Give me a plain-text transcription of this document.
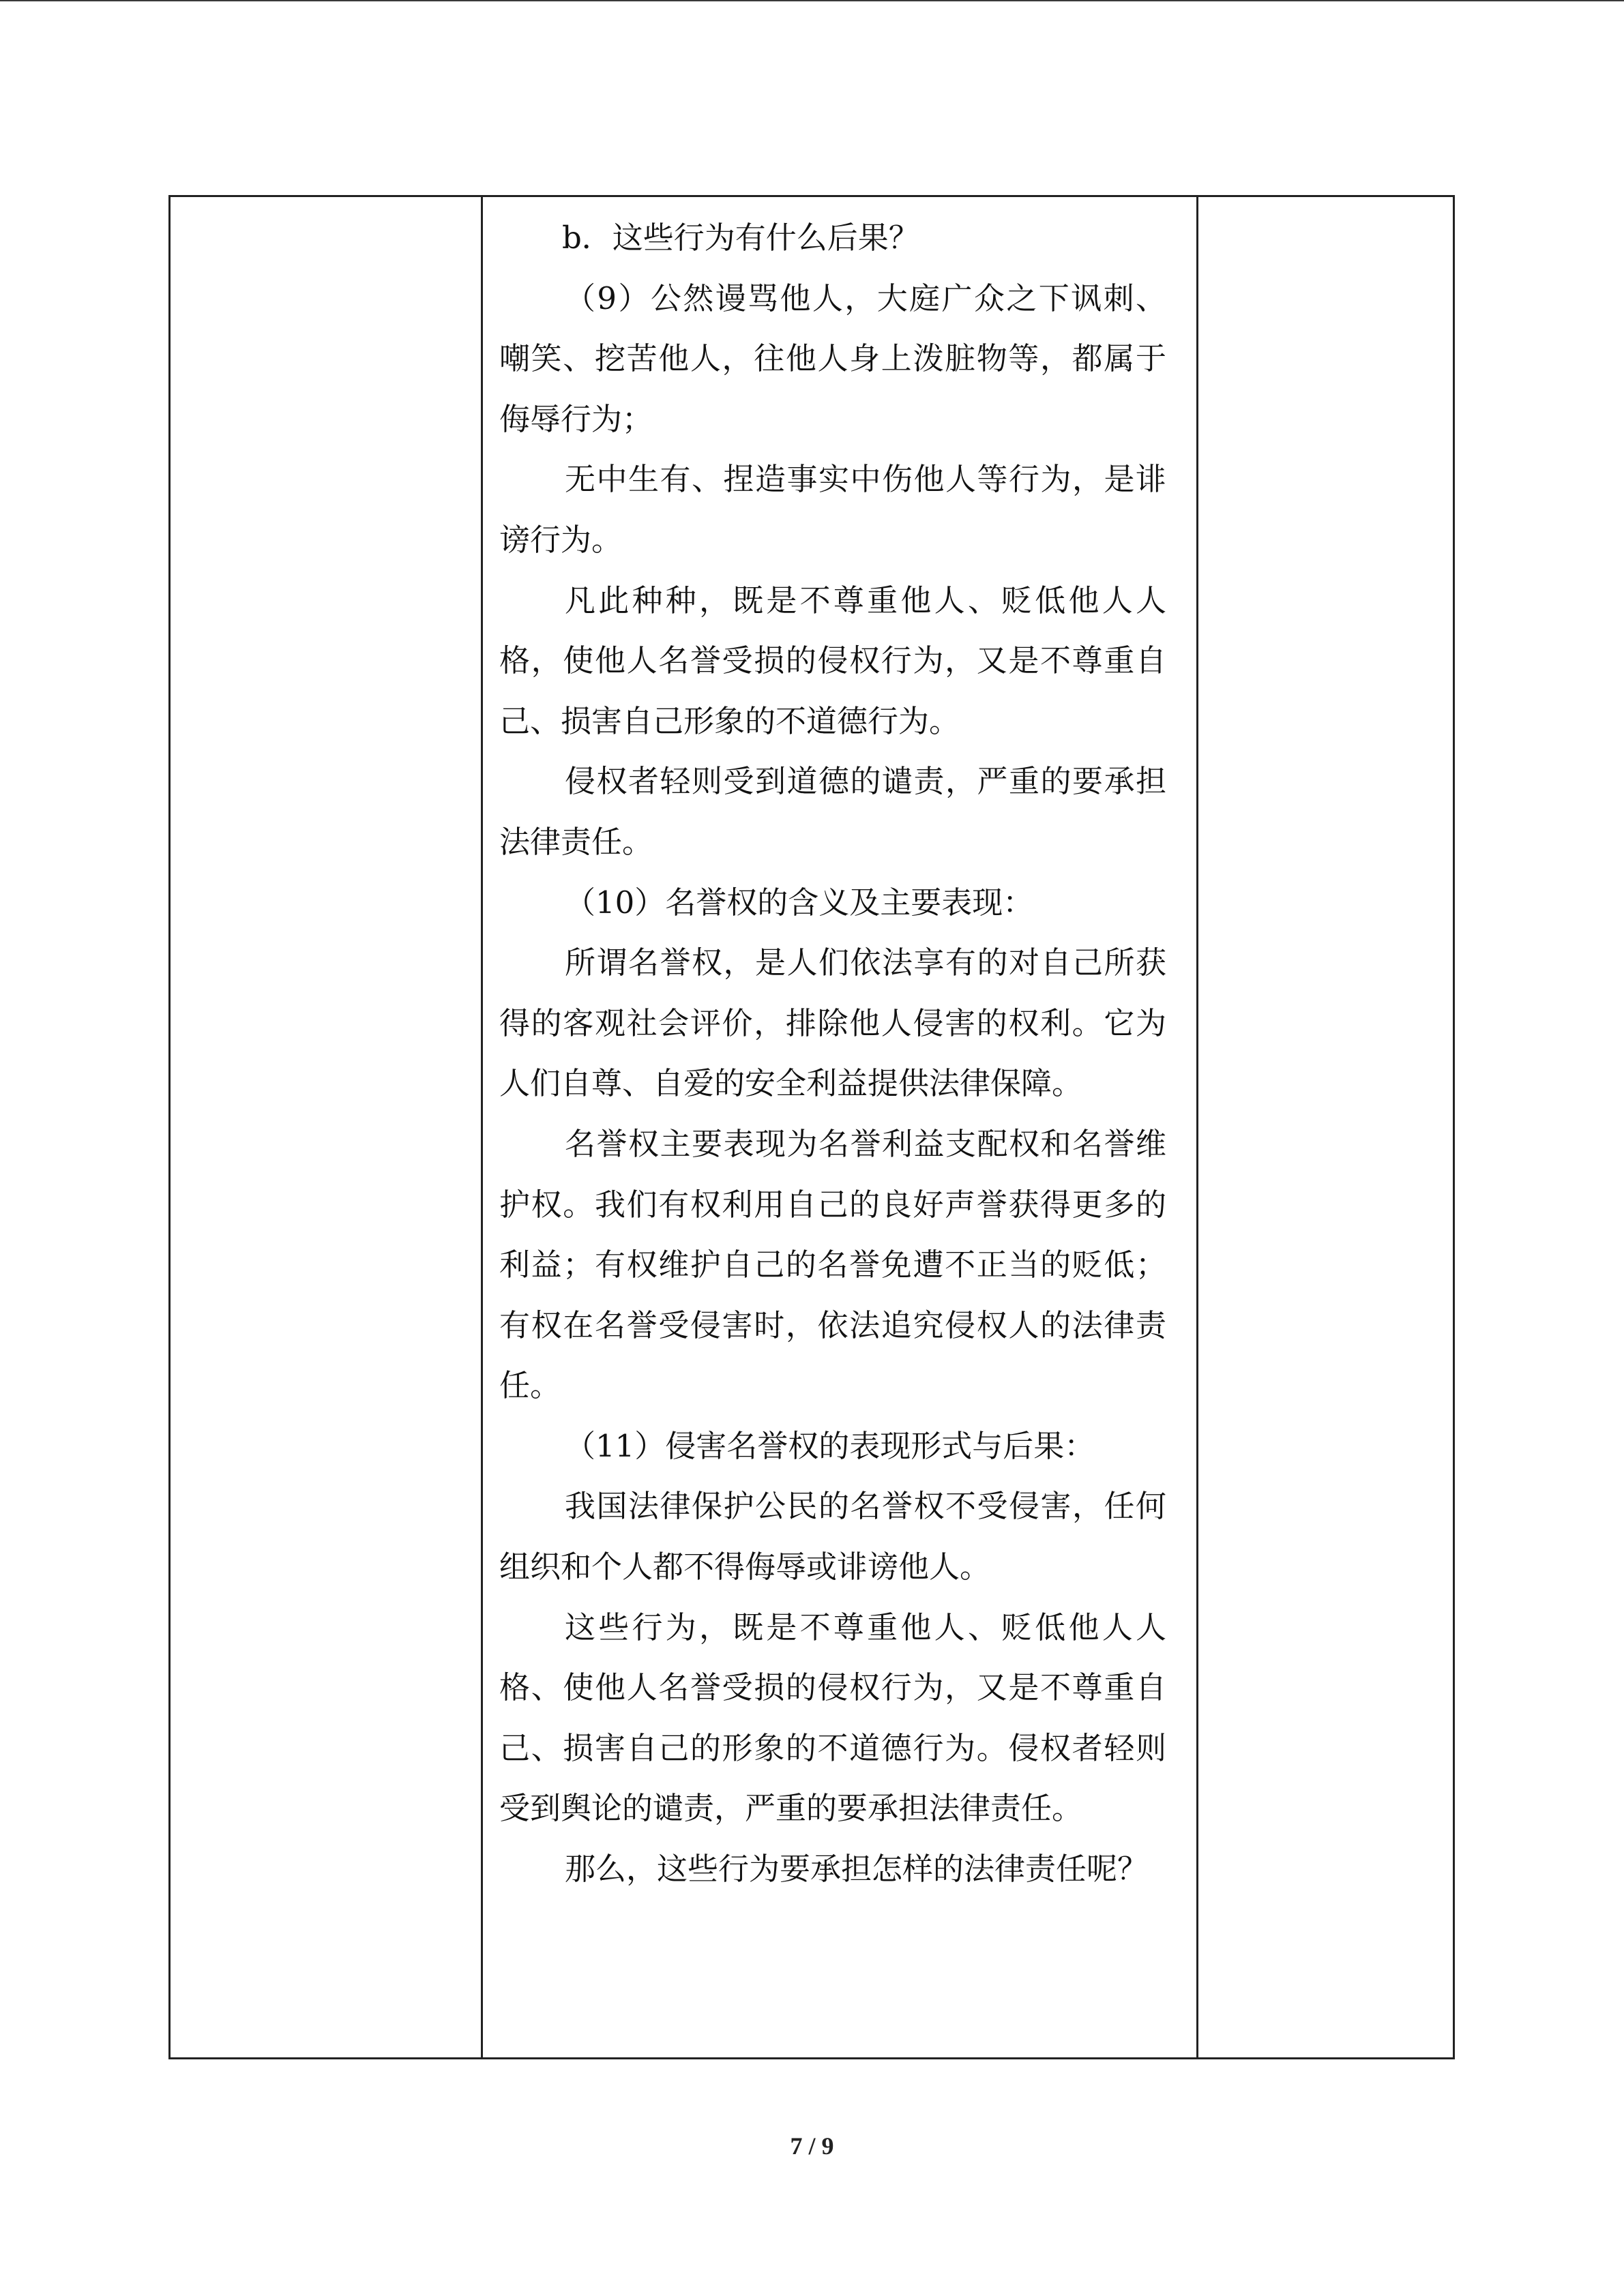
b．这些行为有什么后果？

（9）公然谩骂他人，大庭广众之下讽刺、嘲笑、挖苦他人，往他人身上泼脏物等，都属于侮辱行为；

无中生有、捏造事实中伤他人等行为，是诽谤行为。

凡此种种，既是不尊重他人、贬低他人人格，使他人名誉受损的侵权行为，又是不尊重自己、损害自己形象的不道德行为。

侵权者轻则受到道德的谴责，严重的要承担法律责任。

（10）名誉权的含义及主要表现：

所谓名誉权，是人们依法享有的对自己所获得的客观社会评价，排除他人侵害的权利。它为人们自尊、自爱的安全利益提供法律保障。

名誉权主要表现为名誉利益支配权和名誉维护权。我们有权利用自己的良好声誉获得更多的利益；有权维护自己的名誉免遭不正当的贬低；有权在名誉受侵害时，依法追究侵权人的法律责任。

（11）侵害名誉权的表现形式与后果：

我国法律保护公民的名誉权不受侵害，任何组织和个人都不得侮辱或诽谤他人。

这些行为，既是不尊重他人、贬低他人人格、使他人名誉受损的侵权行为，又是不尊重自己、损害自己的形象的不道德行为。侵权者轻则受到舆论的谴责，严重的要承担法律责任。

那么，这些行为要承担怎样的法律责任呢？

7 / 9
